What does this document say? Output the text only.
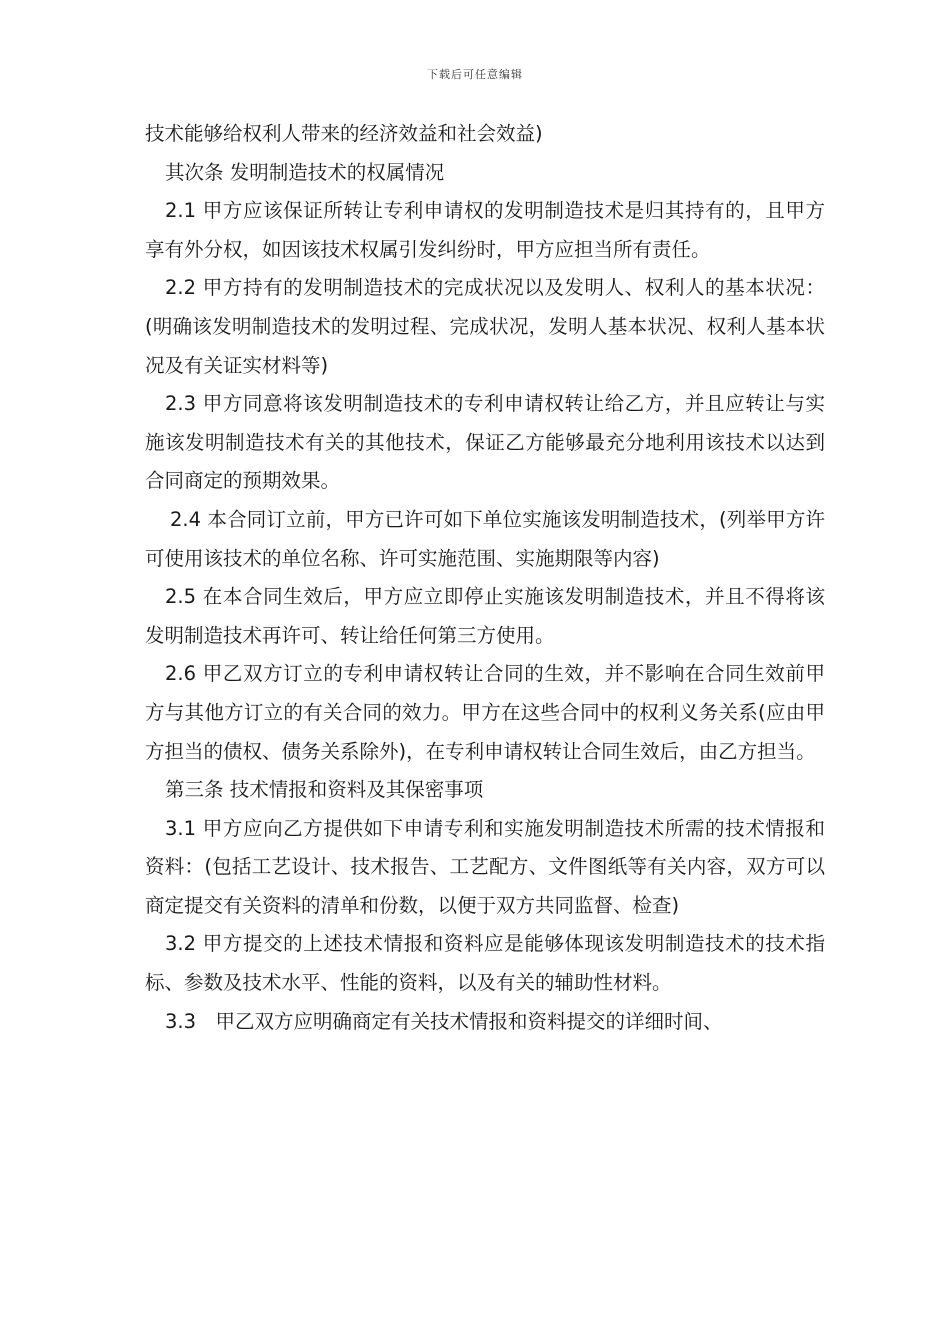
下载后可任意编辑

技术能够给权利人带来的经济效益和社会效益)

其次条 发明制造技术的权属情况

2.1 甲方应该保证所转让专利申请权的发明制造技术是归其持有的，且甲方享有外分权，如因该技术权属引发纠纷时，甲方应担当所有责任。

2.2 甲方持有的发明制造技术的完成状况以及发明人、权利人的基本状况：(明确该发明制造技术的发明过程、完成状况，发明人基本状况、权利人基本状况及有关证实材料等)

2.3 甲方同意将该发明制造技术的专利申请权转让给乙方，并且应转让与实施该发明制造技术有关的其他技术，保证乙方能够最充分地利用该技术以达到合同商定的预期效果。

2.4 本合同订立前，甲方已许可如下单位实施该发明制造技术，(列举甲方许可使用该技术的单位名称、许可实施范围、实施期限等内容)

2.5 在本合同生效后，甲方应立即停止实施该发明制造技术，并且不得将该发明制造技术再许可、转让给任何第三方使用。

2.6 甲乙双方订立的专利申请权转让合同的生效，并不影响在合同生效前甲方与其他方订立的有关合同的效力。甲方在这些合同中的权利义务关系(应由甲方担当的债权、债务关系除外)，在专利申请权转让合同生效后，由乙方担当。

第三条 技术情报和资料及其保密事项

3.1 甲方应向乙方提供如下申请专利和实施发明制造技术所需的技术情报和资料：(包括工艺设计、技术报告、工艺配方、文件图纸等有关内容，双方可以商定提交有关资料的清单和份数，以便于双方共同监督、检查)

3.2 甲方提交的上述技术情报和资料应是能够体现该发明制造技术的技术指标、参数及技术水平、性能的资料，以及有关的辅助性材料。

3.3　甲乙双方应明确商定有关技术情报和资料提交的详细时间、
